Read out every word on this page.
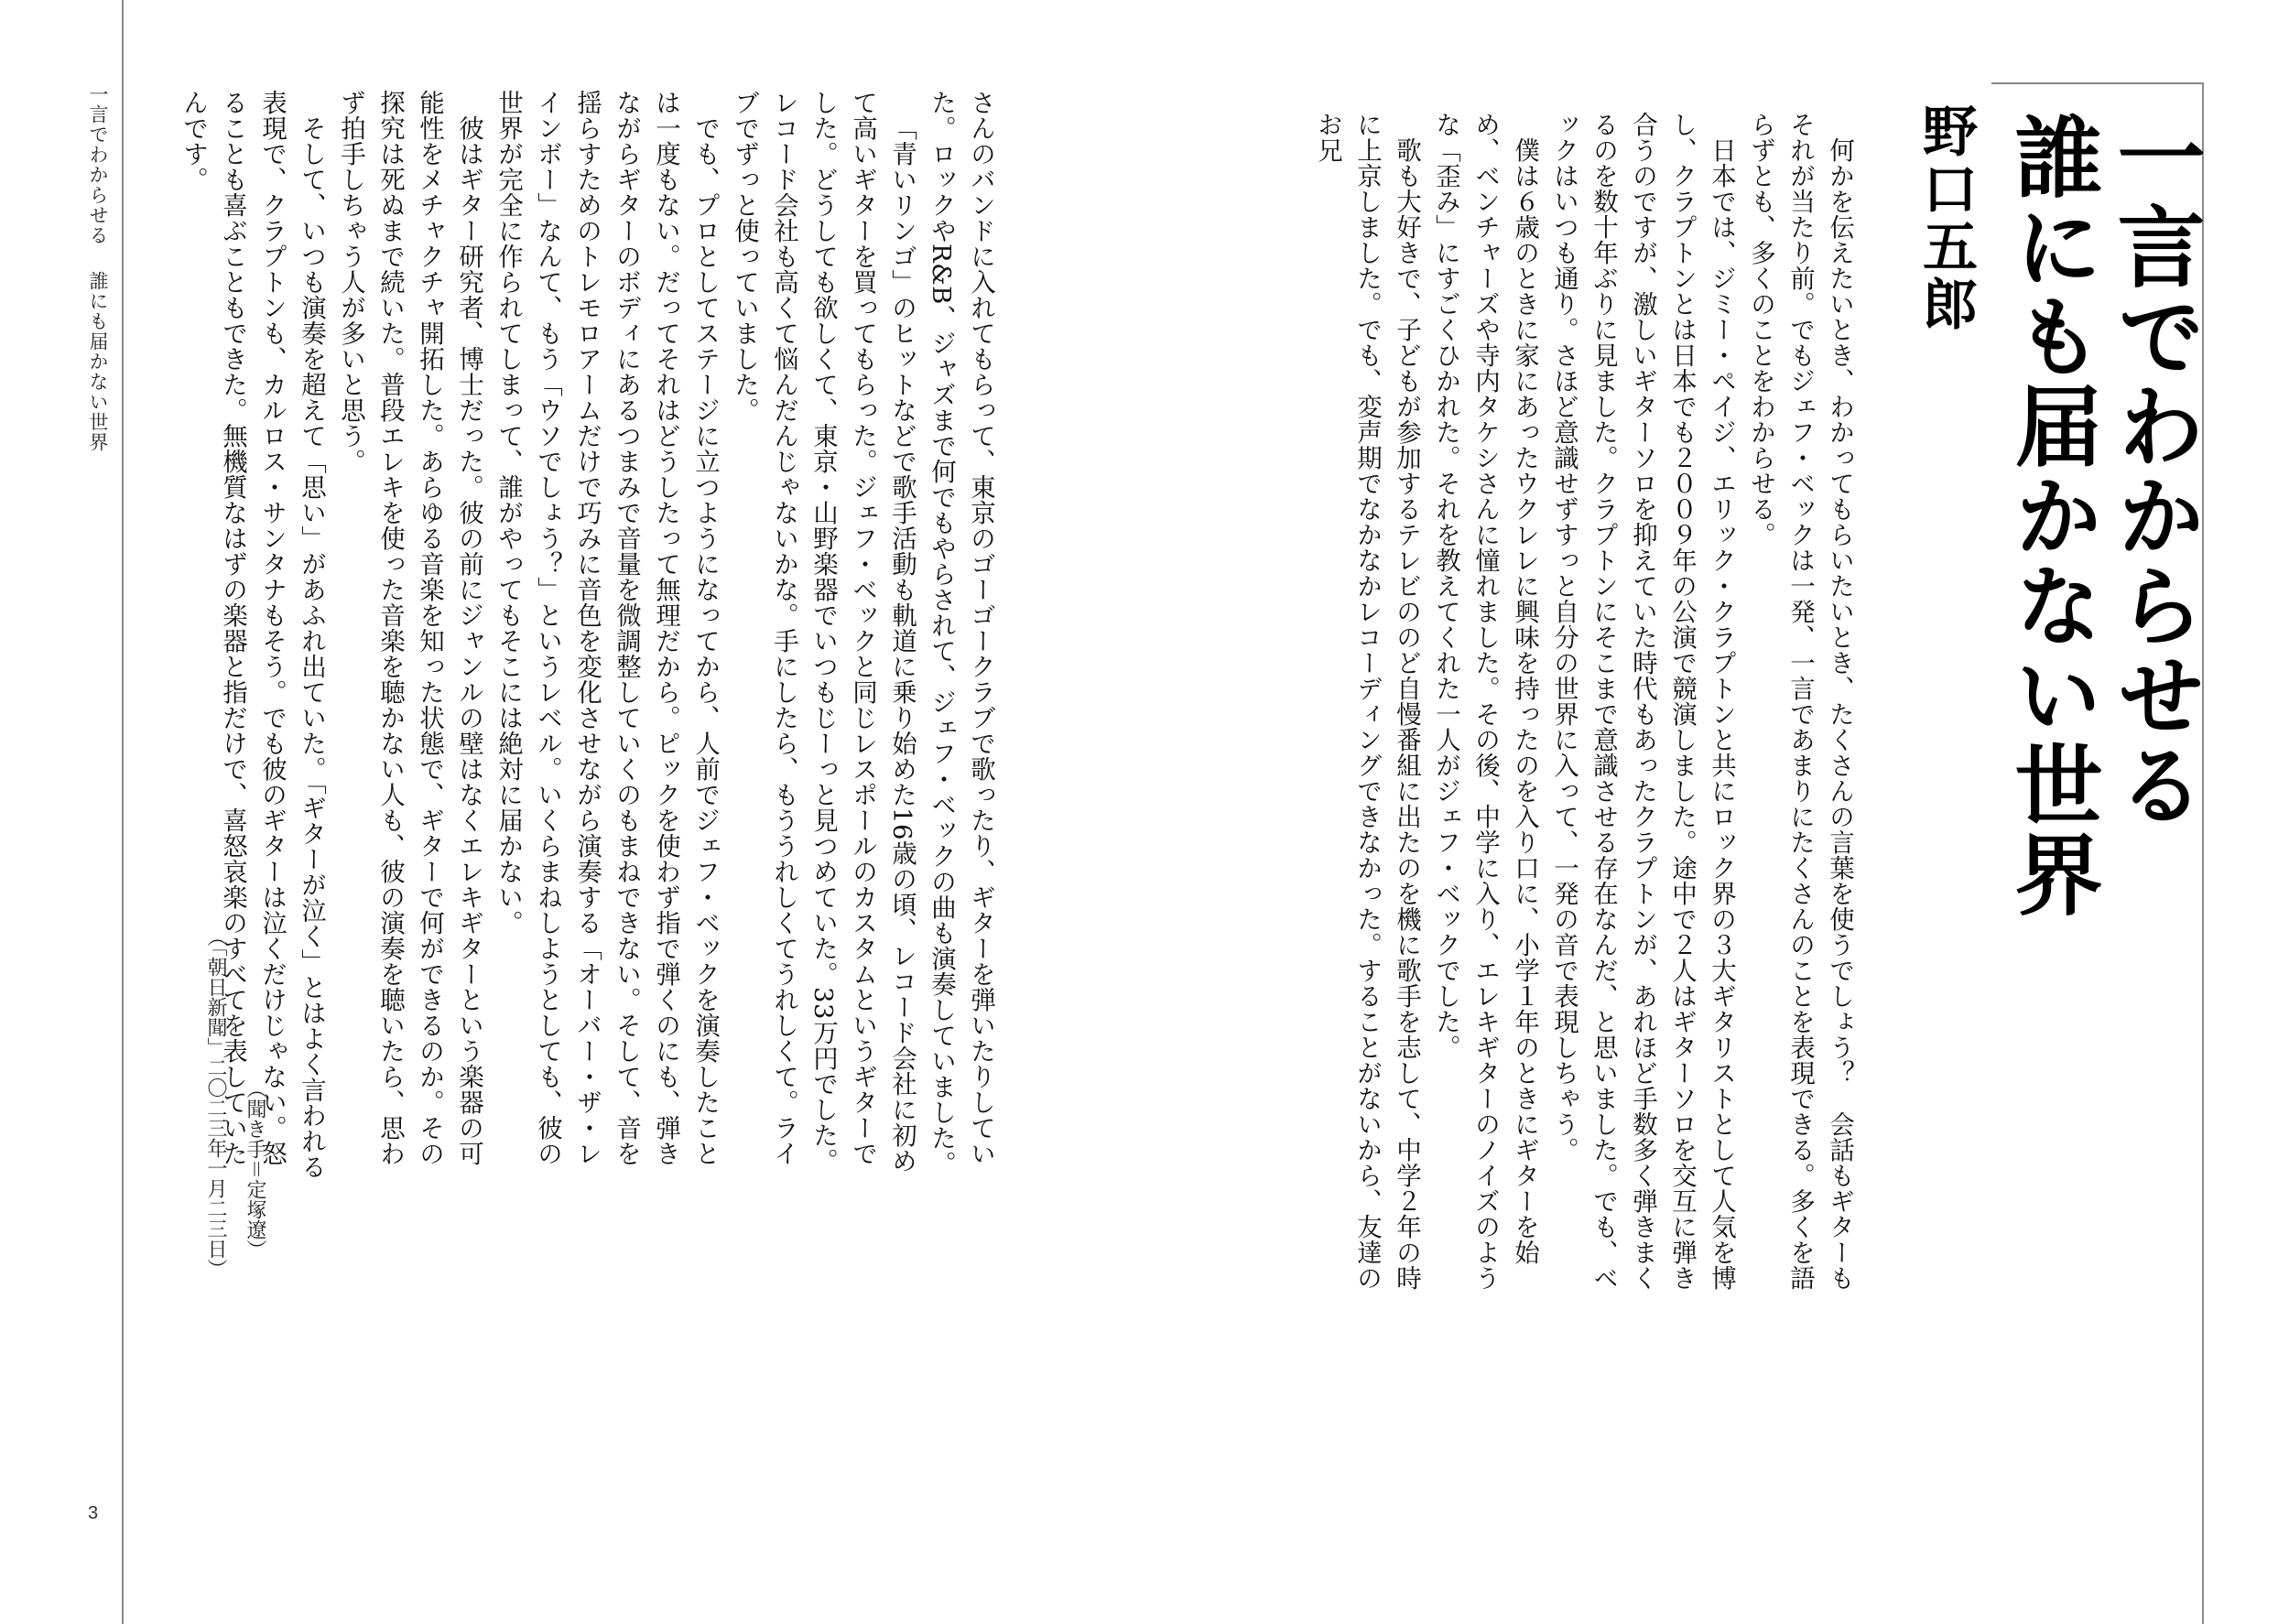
一言でわからせる誰にも届かない世界
3
一言でわからせる
誰にも届かない世界
野口五郎

何かを伝えたいとき、わかってもらいたいとき、たくさんの言葉を使うでしょう？　会話もギターもそれが当たり前。でもジェフ・ベックは一発、一言であまりにたくさんのことを表現できる。多くを語らずとも、多くのことをわからせる。

日本では、ジミー・ペイジ、エリック・クラプトンと共にロック界の３大ギタリストとして人気を博し、クラプトンとは日本でも２００９年の公演で競演しました。途中で２人はギターソロを交互に弾き合うのですが、激しいギターソロを抑えていた時代もあったクラプトンが、あれほど手数多く弾きまくるのを数十年ぶりに見ました。クラプトンにそこまで意識させる存在なんだ、と思いました。でも、ベックはいつも通り。さほど意識せずすっと自分の世界に入って、一発の音で表現しちゃう。

僕は６歳のときに家にあったウクレレに興味を持ったのを入り口に、小学１年のときにギターを始め、ベンチャーズや寺内タケシさんに憧れました。その後、中学に入り、エレキギターのノイズのような「歪み」にすごくひかれた。それを教えてくれた一人がジェフ・ベックでした。

歌も大好きで、子どもが参加するテレビののど自慢番組に出たのを機に歌手を志して、中学２年の時に上京しました。でも、変声期でなかなかレコーディングできなかった。することがないから、友達のお兄

さんのバンドに入れてもらって、東京のゴーゴークラブで歌ったり、ギターを弾いたりしていた。ロックやR&B、ジャズまで何でもやらされて、ジェフ・ベックの曲も演奏していました。

「青いリンゴ」のヒットなどで歌手活動も軌道に乗り始めた16歳の頃、レコード会社に初めて高いギターを買ってもらった。ジェフ・ベックと同じレスポールのカスタムというギターでした。どうしても欲しくて、東京・山野楽器でいつもじーっと見つめていた。33万円でした。レコード会社も高くて悩んだんじゃないかな。手にしたら、もううれしくてうれしくて。ライブでずっと使っていました。

でも、プロとしてステージに立つようになってから、人前でジェフ・ベックを演奏したことは一度もない。だってそれはどうしたって無理だから。ピックを使わず指で弾くのにも、弾きながらギターのボディにあるつまみで音量を微調整していくのもまねできない。そして、音を揺らすためのトレモロアームだけで巧みに音色を変化させながら演奏する「オーバー・ザ・レインボー」なんて、もう「ウソでしょう？」というレベル。いくらまねしようとしても、彼の世界が完全に作られてしまって、誰がやってもそこには絶対に届かない。

彼はギター研究者、博士だった。彼の前にジャンルの壁はなくエレキギターという楽器の可能性をメチャクチャ開拓した。あらゆる音楽を知った状態で、ギターで何ができるのか。その探究は死ぬまで続いた。普段エレキを使った音楽を聴かない人も、彼の演奏を聴いたら、思わず拍手しちゃう人が多いと思う。

そして、いつも演奏を超えて「思い」があふれ出ていた。「ギターが泣く」とはよく言われる表現で、クラプトンも、カルロス・サンタナもそう。でも彼のギターは泣くだけじゃない。怒ることも喜ぶこともできた。無機質なはずの楽器と指だけで、喜怒哀楽のすべてを表していたんです。

（聞き手＝定塚遼）
（「朝日新聞」二〇二三年一月二三日）
